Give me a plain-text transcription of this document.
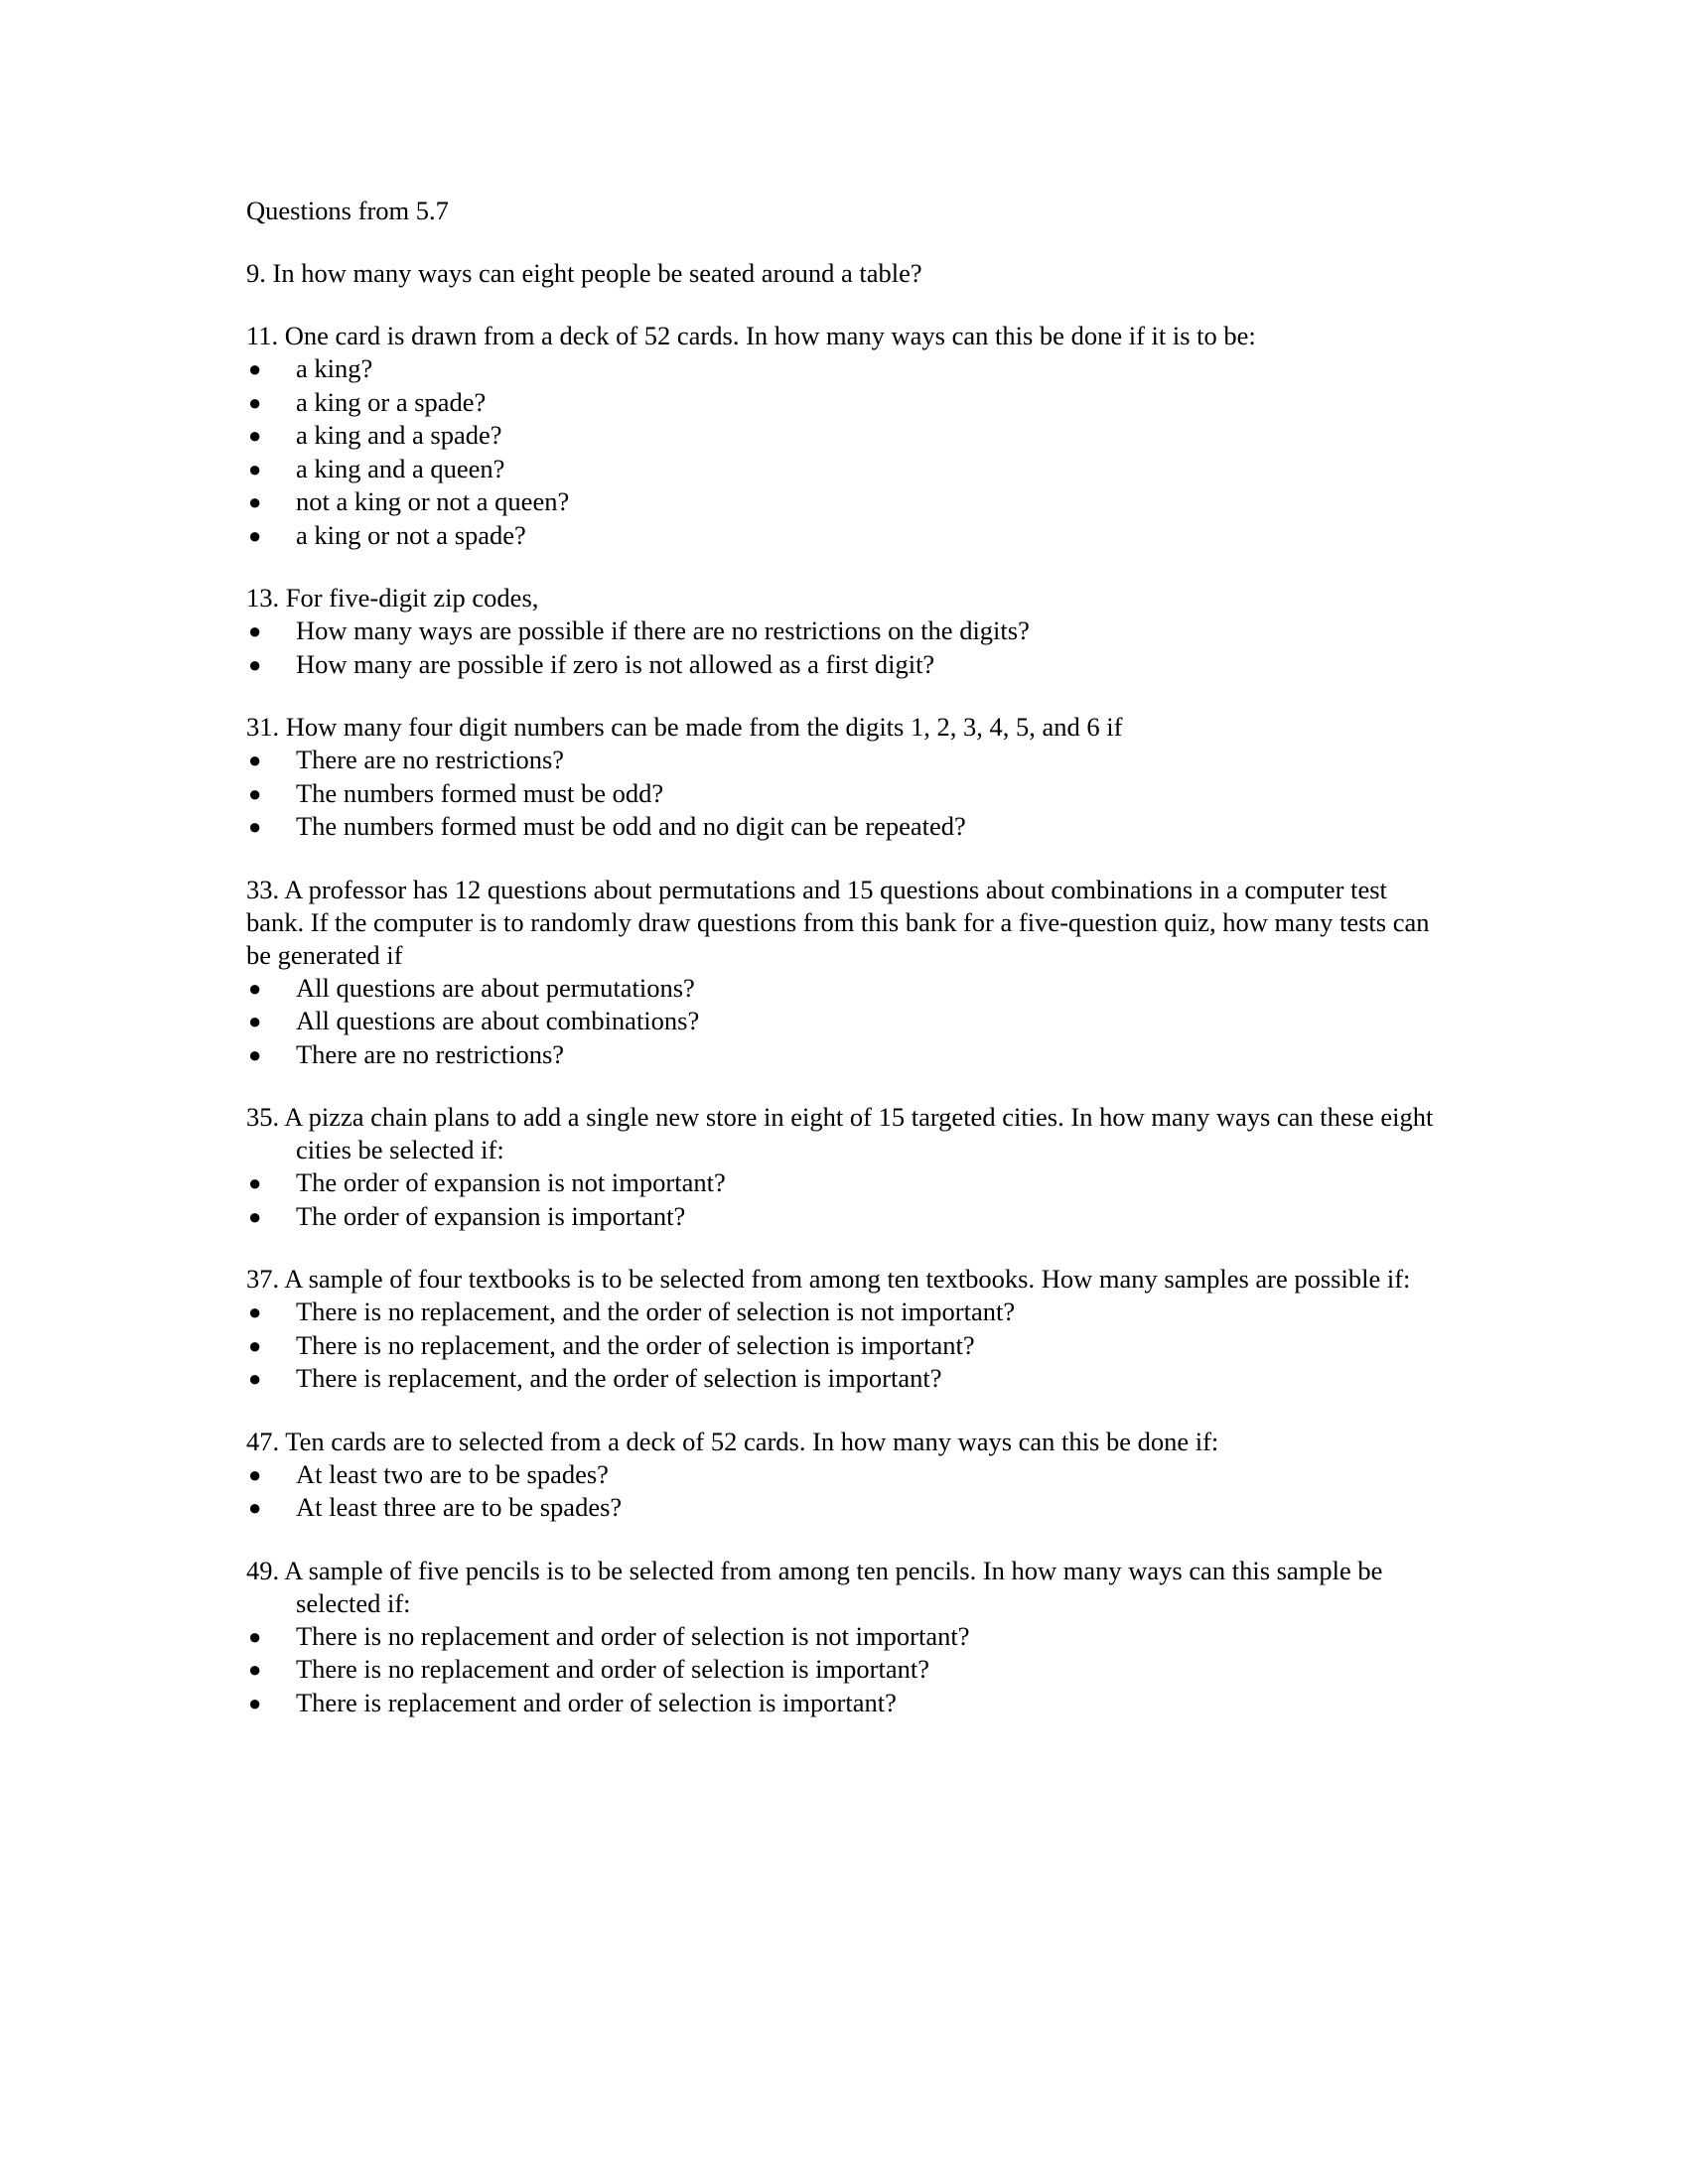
Questions from 5.7

9. In how many ways can eight people be seated around a table?

11. One card is drawn from a deck of 52 cards. In how many ways can this be done if it is to be:

● a king?
● a king or a spade?
● a king and a spade?
● a king and a queen?
● not a king or not a queen?
● a king or not a spade?

13. For five-digit zip codes,

● How many ways are possible if there are no restrictions on the digits?
● How many are possible if zero is not allowed as a first digit?

31. How many four digit numbers can be made from the digits 1, 2, 3, 4, 5, and 6 if

● There are no restrictions?
● The numbers formed must be odd?
● The numbers formed must be odd and no digit can be repeated?

33. A professor has 12 questions about permutations and 15 questions about combinations in a computer test bank. If the computer is to randomly draw questions from this bank for a five-question quiz, how many tests can be generated if

● All questions are about permutations?
● All questions are about combinations?
● There are no restrictions?

35. A pizza chain plans to add a single new store in eight of 15 targeted cities. In how many ways can these eight cities be selected if:

● The order of expansion is not important?
● The order of expansion is important?

37. A sample of four textbooks is to be selected from among ten textbooks. How many samples are possible if:

● There is no replacement, and the order of selection is not important?
● There is no replacement, and the order of selection is important?
● There is replacement, and the order of selection is important?

47. Ten cards are to selected from a deck of 52 cards. In how many ways can this be done if:

● At least two are to be spades?
● At least three are to be spades?

49. A sample of five pencils is to be selected from among ten pencils. In how many ways can this sample be selected if:

● There is no replacement and order of selection is not important?
● There is no replacement and order of selection is important?
● There is replacement and order of selection is important?
